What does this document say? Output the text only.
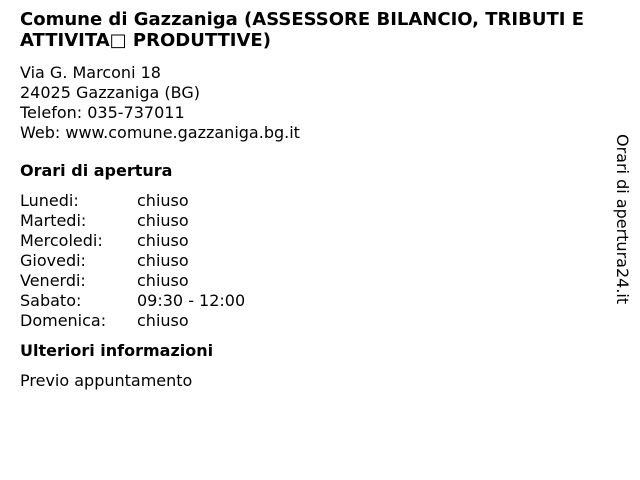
Comune di Gazzaniga (ASSESSORE BILANCIO, TRIBUTI E ATTIVITA□ PRODUTTIVE)
Via G. Marconi 18
24025 Gazzaniga (BG)
Telefon: 035-737011
Web: www.comune.gazzaniga.bg.it
Orari di apertura
Lunedi:	chiuso
Martedi:	chiuso
Mercoledi:	chiuso
Giovedi:	chiuso
Venerdi:	chiuso
Sabato:	09:30 - 12:00
Domenica:	chiuso
Ulteriori informazioni
Previo appuntamento
Orari di apertura24.it
